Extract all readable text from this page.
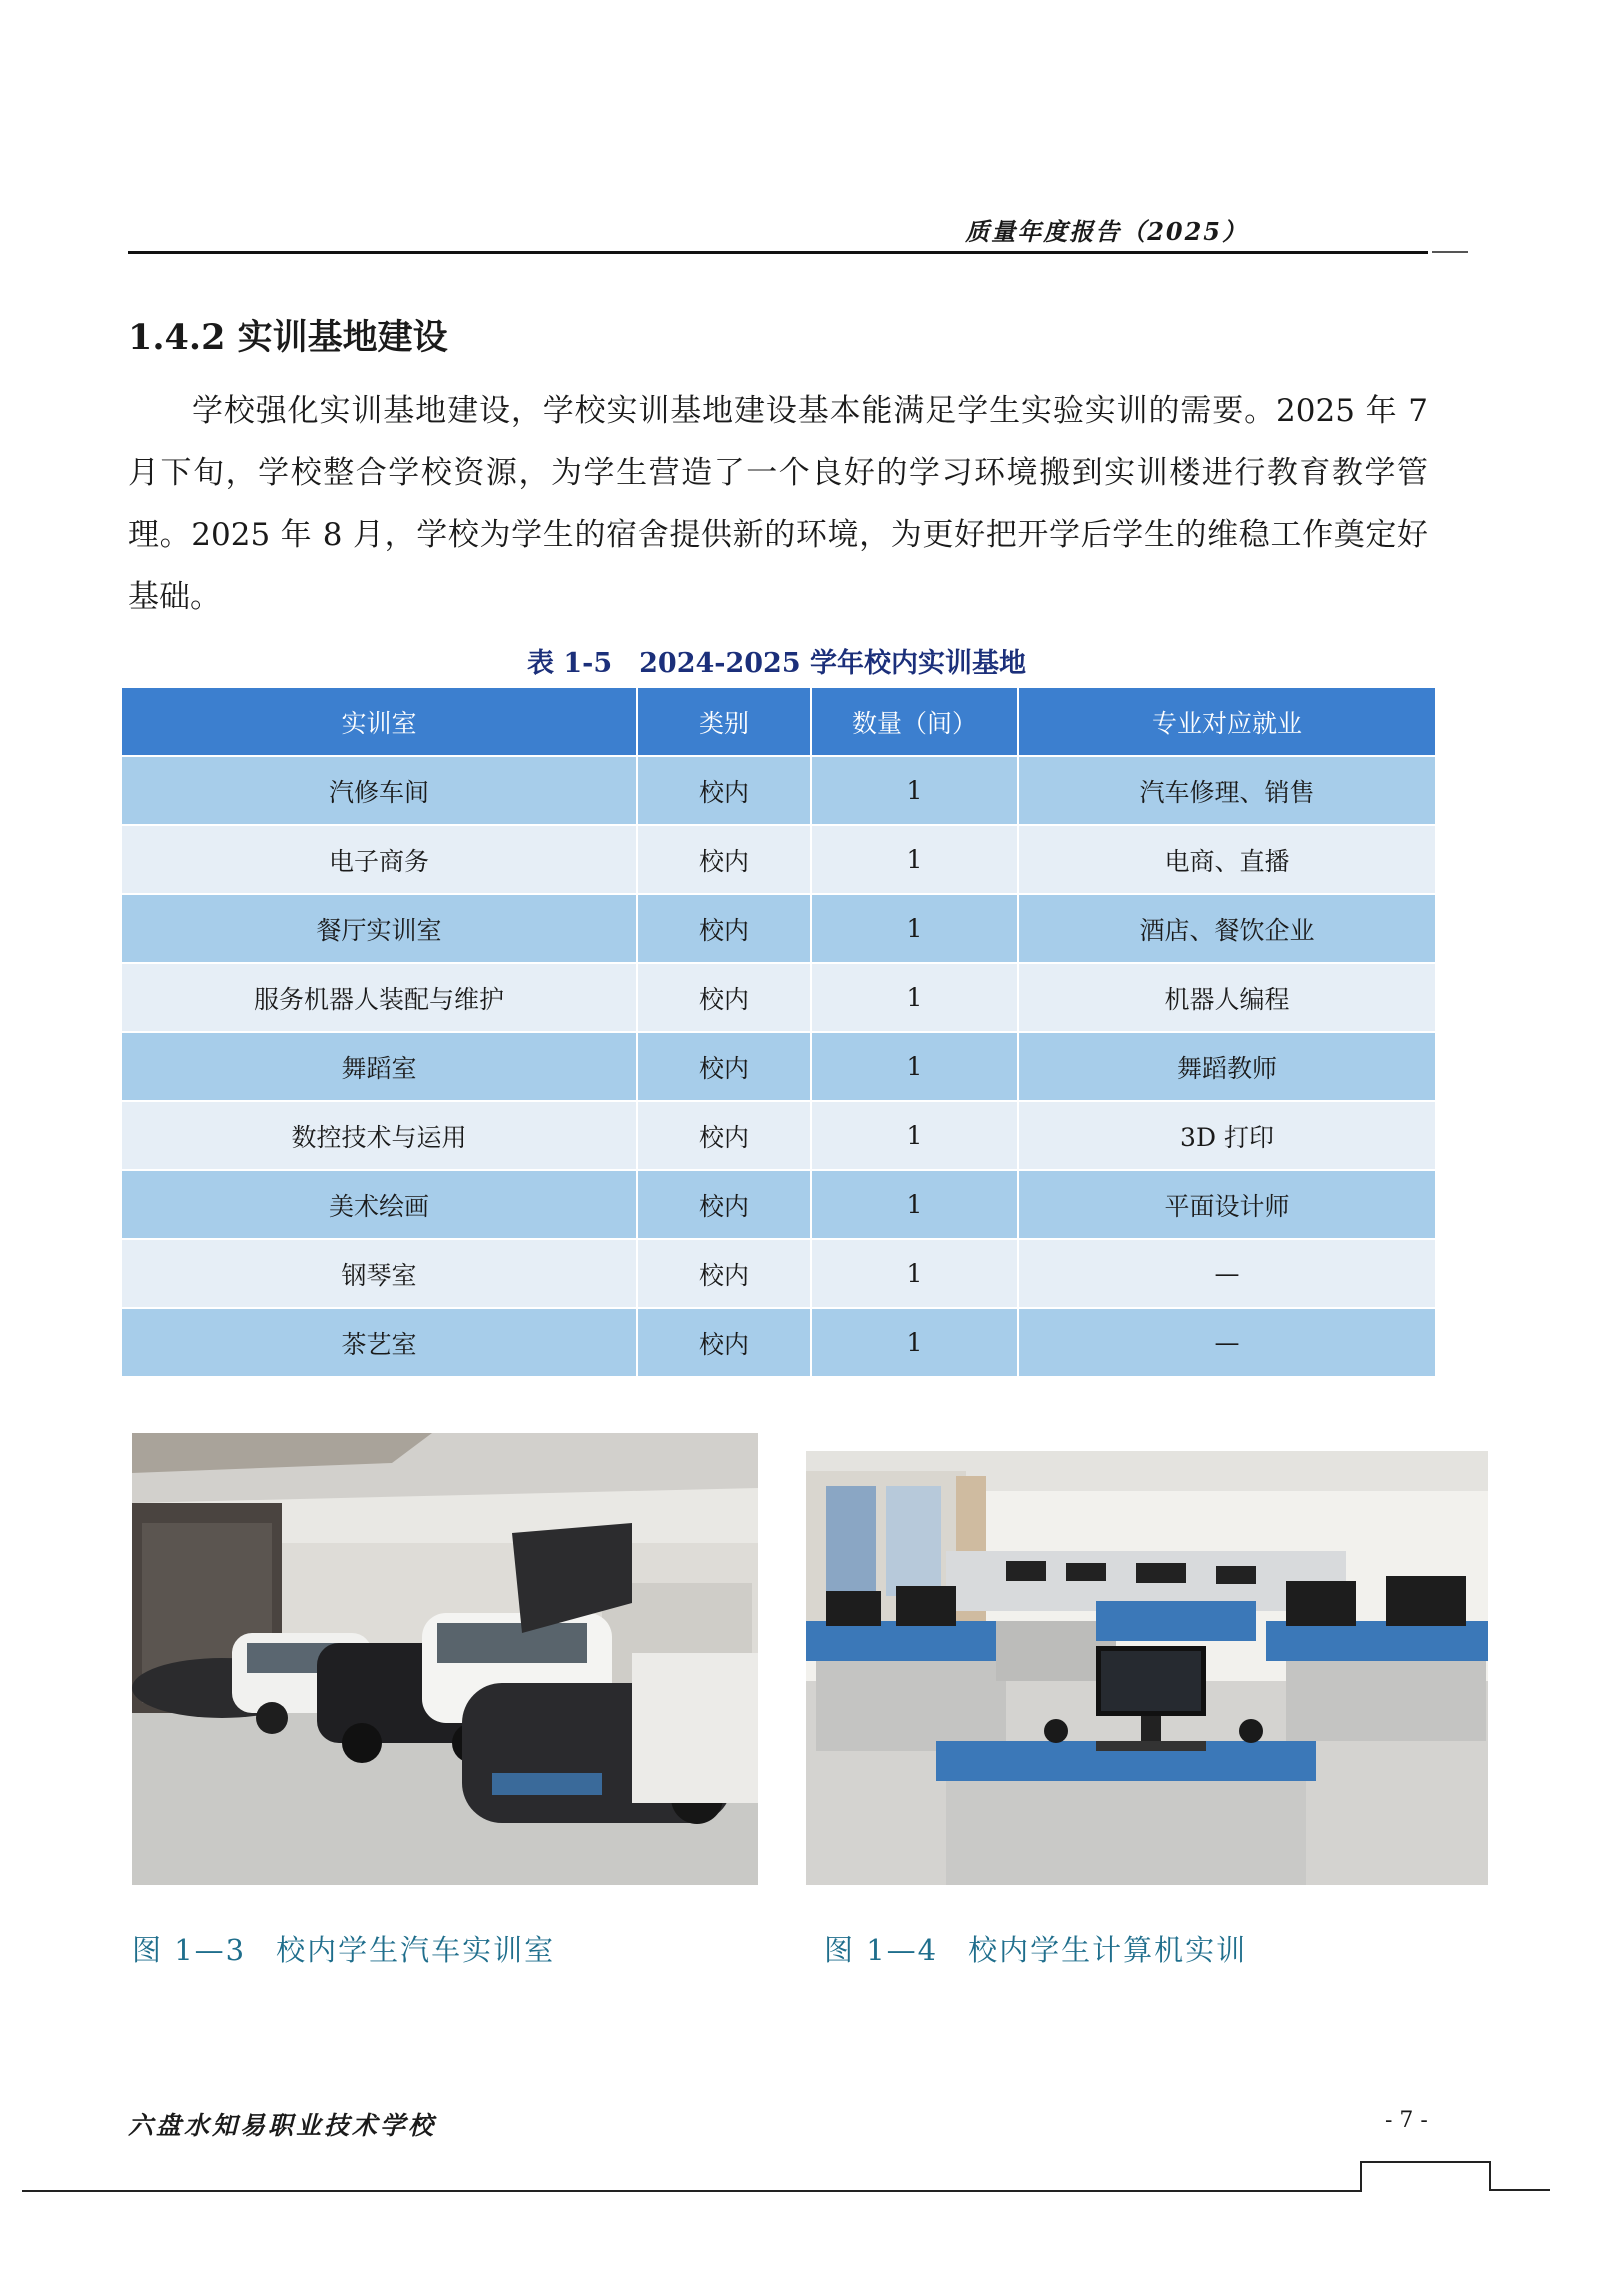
质量年度报告（2025）
1.4.2 实训基地建设

学校强化实训基地建设，学校实训基地建设基本能满足学生实验实训的需要。2025 年 7 月下旬，学校整合学校资源，为学生营造了一个良好的学习环境搬到实训楼进行教育教学管理。2025 年 8 月，学校为学生的宿舍提供新的环境，为更好把开学后学生的维稳工作奠定好基础。

表 1-5　2024-2025 学年校内实训基地
实训室	类别	数量（间）	专业对应就业
汽修车间	校内	1	汽车修理、销售
电子商务	校内	1	电商、直播
餐厅实训室	校内	1	酒店、餐饮企业
服务机器人装配与维护	校内	1	机器人编程
舞蹈室	校内	1	舞蹈教师
数控技术与运用	校内	1	3D 打印
美术绘画	校内	1	平面设计师
钢琴室	校内	1	—
茶艺室	校内	1	—
图 1—3 校内学生汽车实训室	图 1—4 校内学生计算机实训
六盘水知易职业技术学校	- 7 -
